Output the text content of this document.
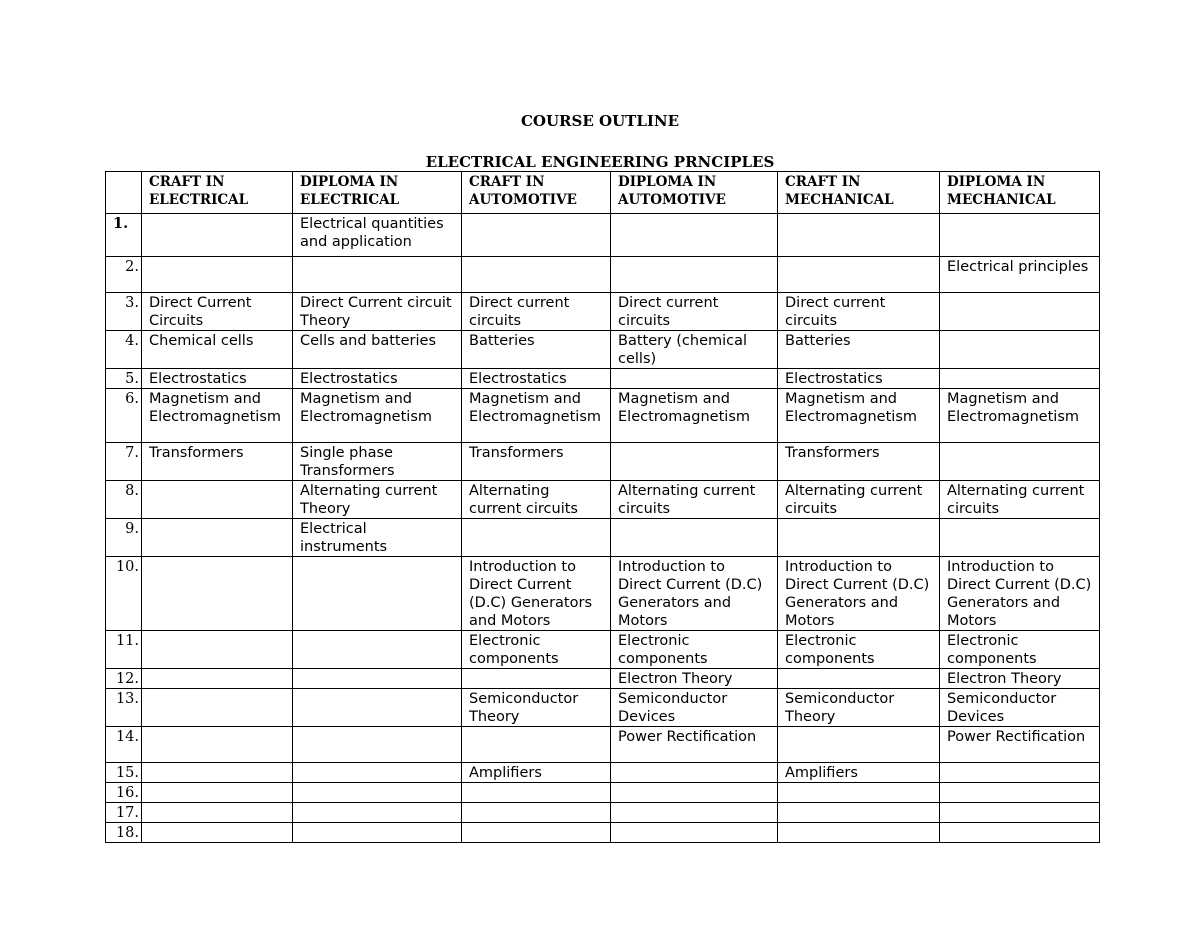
COURSE OUTLINE
ELECTRICAL ENGINEERING PRNCIPLES
	CRAFT IN ELECTRICAL	DIPLOMA IN ELECTRICAL	CRAFT IN AUTOMOTIVE	DIPLOMA IN AUTOMOTIVE	CRAFT IN MECHANICAL	DIPLOMA IN MECHANICAL
1.		Electrical quantities and application				
2.						Electrical principles
3.	Direct Current Circuits	Direct Current circuit Theory	Direct current circuits	Direct current circuits	Direct current circuits	
4.	Chemical cells	Cells and batteries	Batteries	Battery (chemical cells)	Batteries	
5.	Electrostatics	Electrostatics	Electrostatics		Electrostatics	
6.	Magnetism and Electromagnetism	Magnetism and Electromagnetism	Magnetism and Electromagnetism	Magnetism and Electromagnetism	Magnetism and Electromagnetism	Magnetism and Electromagnetism
7.	Transformers	Single phase Transformers	Transformers		Transformers	
8.		Alternating current Theory	Alternating current circuits	Alternating current circuits	Alternating current circuits	Alternating current circuits
9.		Electrical instruments				
10.			Introduction to Direct Current (D.C) Generators and Motors	Introduction to Direct Current (D.C) Generators and Motors	Introduction to Direct Current (D.C) Generators and Motors	Introduction to Direct Current (D.C) Generators and Motors
11.			Electronic components	Electronic components	Electronic components	Electronic components
12.				Electron Theory		Electron Theory
13.			Semiconductor Theory	Semiconductor Devices	Semiconductor Theory	Semiconductor Devices
14.				Power Rectification		Power Rectification
15.			Amplifiers		Amplifiers	
16.						
17.						
18.						
